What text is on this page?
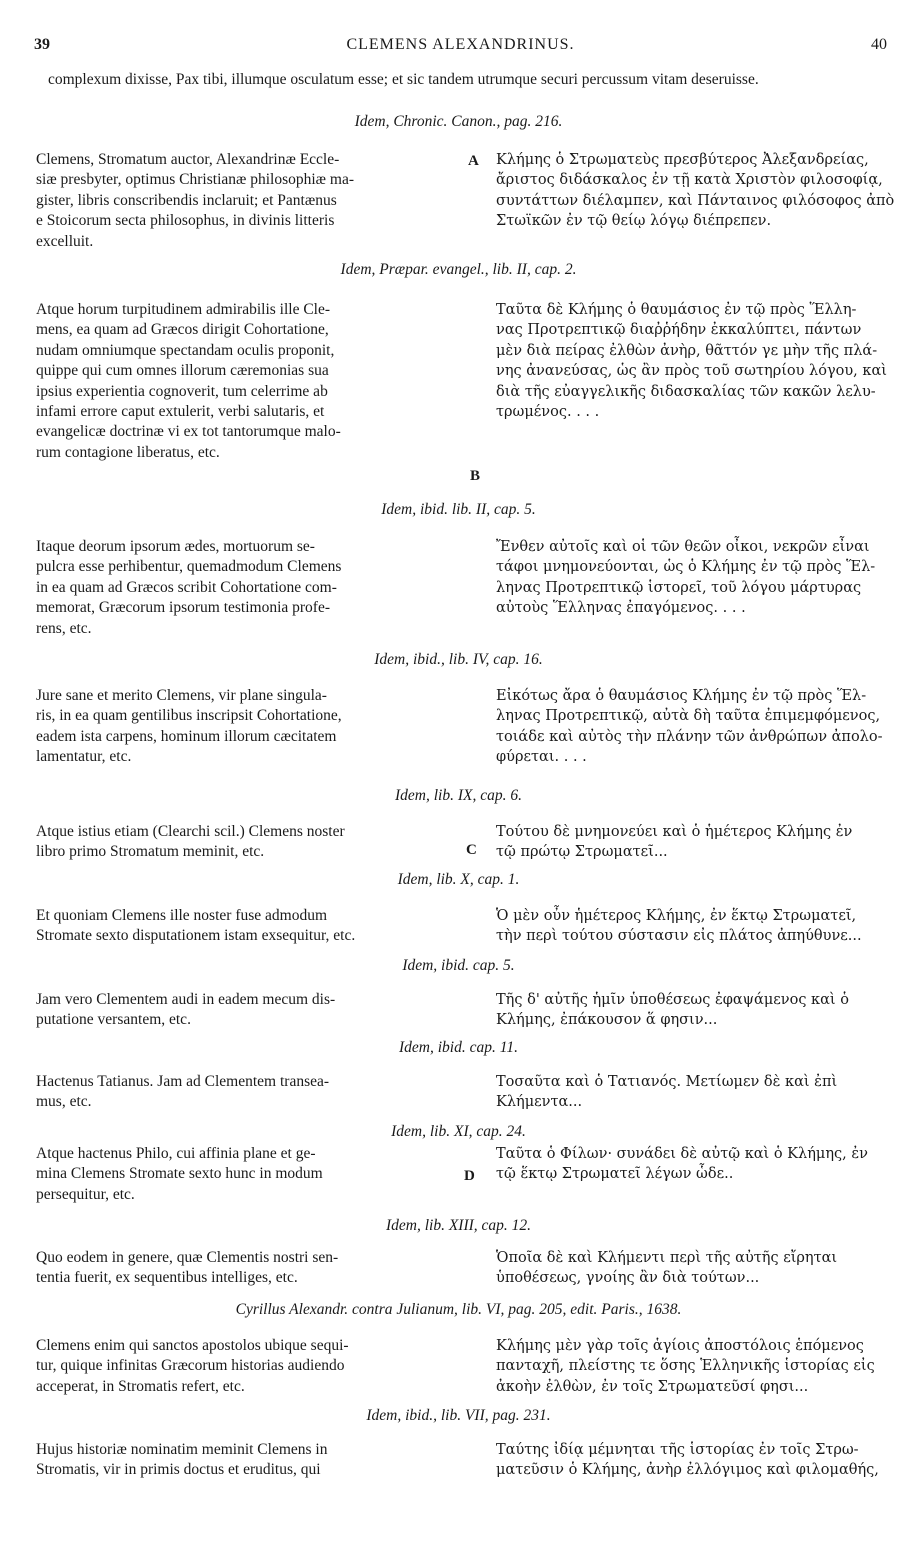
39	CLEMENS ALEXANDRINUS.	40
complexum dixisse, Pax tibi, illumque osculatum esse; et sic tandem utrumque securi percussum vitam deseruisse.
Idem, Chronic. Canon., pag. 216.
Clemens, Stromatum auctor, Alexandrinæ Eccle-
siæ presbyter, optimus Christianæ philosophiæ ma-
gister, libris conscribendis inclaruit; et Pantænus
e Stoicorum secta philosophus, in divinis litteris
excelluit.
Κλήμης ὁ Στρωματεὺς πρεσβύτερος Ἀλεξανδρείας,
ἄριστος διδάσκαλος ἐν τῇ κατὰ Χριστὸν φιλοσοφίᾳ,
συντάττων διέλαμπεν, καὶ Πάνταινος φιλόσοφος ἀπὸ
Στωϊκῶν ἐν τῷ θείῳ λόγῳ διέπρεπεν.
A
Idem, Præpar. evangel., lib. II, cap. 2.
Atque horum turpitudinem admirabilis ille Cle-
mens, ea quam ad Græcos dirigit Cohortatione,
nudam omniumque spectandam oculis proponit,
quippe qui cum omnes illorum cæremonias sua
ipsius experientia cognoverit, tum celerrime ab
infami errore caput extulerit, verbi salutaris, et
evangelicæ doctrinæ vi ex tot tantorumque malo-
rum contagione liberatus, etc.
Ταῦτα δὲ Κλήμης ὁ θαυμάσιος ἐν τῷ πρὸς Ἕλλη-
νας Προτρεπτικῷ διαῤῥήδην ἐκκαλύπτει, πάντων
μὲν διὰ πείρας ἐλθὼν ἀνὴρ, θᾶττόν γε μὴν τῆς πλά-
νης ἀνανεύσας, ὡς ἂν πρὸς τοῦ σωτηρίου λόγου, καὶ
διὰ τῆς εὐαγγελικῆς διδασκαλίας τῶν κακῶν λελυ-
τρωμένος. . . .
B
Idem, ibid. lib. II, cap. 5.
Itaque deorum ipsorum ædes, mortuorum se-
pulcra esse perhibentur, quemadmodum Clemens
in ea quam ad Græcos scribit Cohortatione com-
memorat, Græcorum ipsorum testimonia profe-
rens, etc.
Ἔνθεν αὐτοῖς καὶ οἱ τῶν θεῶν οἶκοι, νεκρῶν εἶναι
τάφοι μνημονεύονται, ὡς ὁ Κλήμης ἐν τῷ πρὸς Ἕλ-
ληνας Προτρεπτικῷ ἱστορεῖ, τοῦ λόγου μάρτυρας
αὐτοὺς Ἕλληνας ἐπαγόμενος. . . .
Idem, ibid., lib. IV, cap. 16.
Jure sane et merito Clemens, vir plane singula-
ris, in ea quam gentilibus inscripsit Cohortatione,
eadem ista carpens, hominum illorum cæcitatem
lamentatur, etc.
Εἰκότως ἄρα ὁ θαυμάσιος Κλήμης ἐν τῷ πρὸς Ἕλ-
ληνας Προτρεπτικῷ, αὐτὰ δὴ ταῦτα ἐπιμεμφόμενος,
τοιάδε καὶ αὐτὸς τὴν πλάνην τῶν ἀνθρώπων ἀπολο-
φύρεται. . . .
Idem, lib. IX, cap. 6.
Atque istius etiam (Clearchi scil.) Clemens noster
libro primo Stromatum meminit, etc.
Τούτου δὲ μνημονεύει καὶ ὁ ἡμέτερος Κλήμης ἐν
τῷ πρώτῳ Στρωματεῖ...
C
Idem, lib. X, cap. 1.
Et quoniam Clemens ille noster fuse admodum
Stromate sexto disputationem istam exsequitur, etc.
Ὁ μὲν οὖν ἡμέτερος Κλήμης, ἐν ἕκτῳ Στρωματεῖ,
τὴν περὶ τούτου σύστασιν εἰς πλάτος ἀπηύθυνε...
Idem, ibid. cap. 5.
Jam vero Clementem audi in eadem mecum dis-
putatione versantem, etc.
Τῆς δ' αὐτῆς ἡμῖν ὑποθέσεως ἐφαψάμενος καὶ ὁ
Κλήμης, ἐπάκουσον ἅ φησιν...
Idem, ibid. cap. 11.
Hactenus Tatianus. Jam ad Clementem transea-
mus, etc.
Τοσαῦτα καὶ ὁ Τατιανός. Μετίωμεν δὲ καὶ ἐπὶ
Κλήμεντα...
Idem, lib. XI, cap. 24.
Atque hactenus Philo, cui affinia plane et ge-
mina Clemens Stromate sexto hunc in modum
persequitur, etc.
Ταῦτα ὁ Φίλων· συνάδει δὲ αὐτῷ καὶ ὁ Κλήμης, ἐν
τῷ ἕκτῳ Στρωματεῖ λέγων ὧδε..
D
Idem, lib. XIII, cap. 12.
Quo eodem in genere, quæ Clementis nostri sen-
tentia fuerit, ex sequentibus intelliges, etc.
Ὁποῖα δὲ καὶ Κλήμεντι περὶ τῆς αὐτῆς εἴρηται
ὑποθέσεως, γνοίης ἂν διὰ τούτων...
Cyrillus Alexandr. contra Julianum, lib. VI, pag. 205, edit. Paris., 1638.
Clemens enim qui sanctos apostolos ubique sequi-
tur, quique infinitas Græcorum historias audiendo
acceperat, in Stromatis refert, etc.
Κλήμης μὲν γὰρ τοῖς ἁγίοις ἀποστόλοις ἑπόμενος
πανταχῆ, πλείστης τε ὅσης Ἑλληνικῆς ἱστορίας εἰς
ἀκοὴν ἐλθὼν, ἐν τοῖς Στρωματεῦσί φησι...
Idem, ibid., lib. VII, pag. 231.
Hujus historiæ nominatim meminit Clemens in
Stromatis, vir in primis doctus et eruditus, qui
Ταύτης ἰδίᾳ μέμνηται τῆς ἱστορίας ἐν τοῖς Στρω-
ματεῦσιν ὁ Κλήμης, ἀνὴρ ἐλλόγιμος καὶ φιλομαθής,
